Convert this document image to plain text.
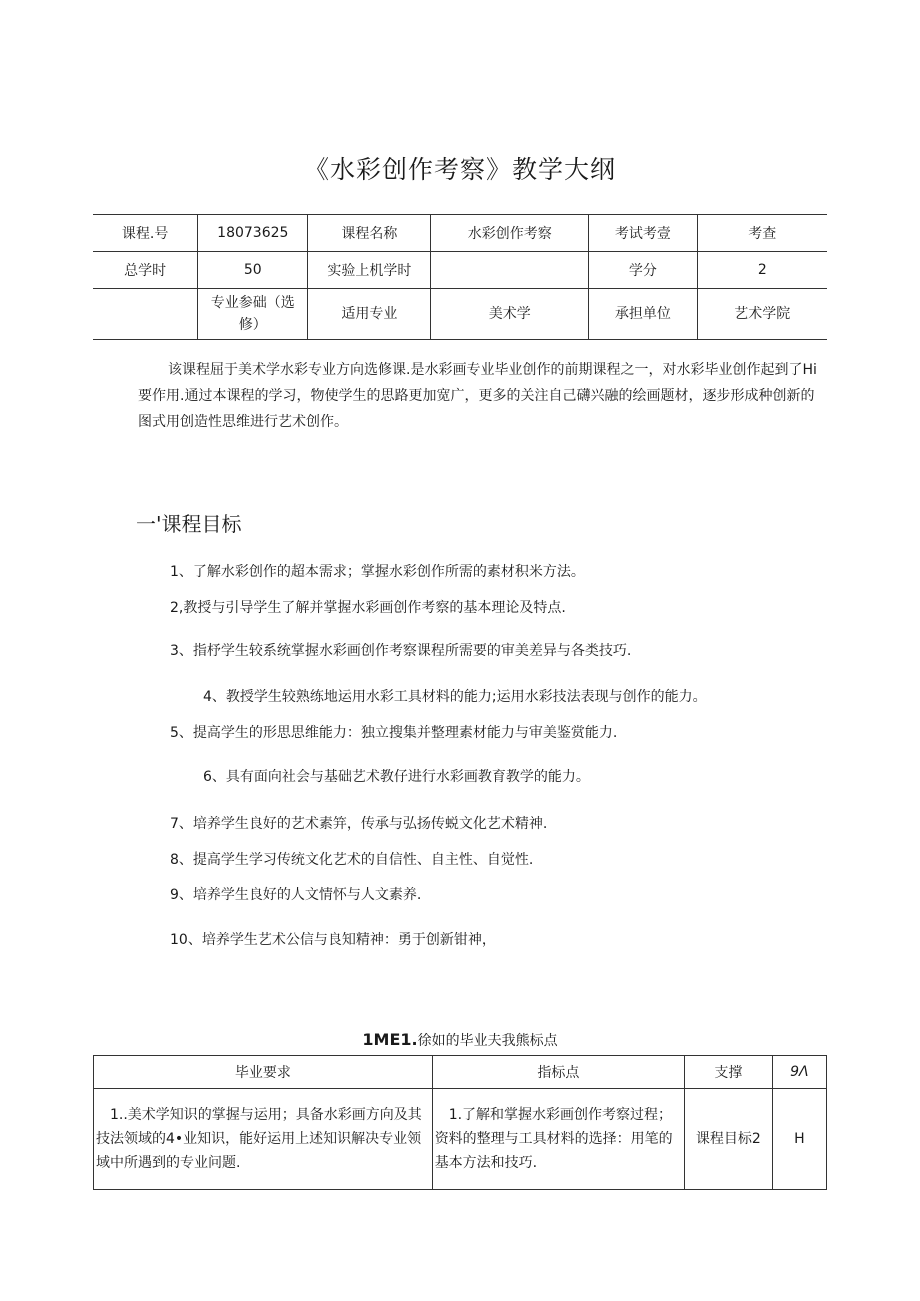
《水彩创作考察》教学大纲
课程.号	18073625	课程名称	水彩创作考察	考试考壹	考查
总学时	50	实验上机学时		学分	2
	专业参础（选修）	适用专业	美术学	承担单位	艺术学院
该课程屈于美术学水彩专业方向选修课.是水彩画专业毕业创作的前期课程之一，对水彩毕业创作起到了Hi要作用.通过本课程的学习，物使学生的思路更加宽广，更多的关注自己礴兴融的绘画题材，逐步形成种创新的图式用创造性思维进行艺术创作。
一'课程目标
1、了解水彩创作的超本需求；掌握水彩创作所需的素材积米方法。
2,教授与引导学生了解并掌握水彩画创作考察的基本理论及特点.
3、指杼学生较系统掌握水彩画创作考察课程所需要的审美差异与各类技巧.
4、教授学生较熟练地运用水彩工具材料的能力;运用水彩技法表现与创作的能力。
5、提高学生的形思思维能力：独立搜集并整理素材能力与审美鉴赏能力.
6、具有面向社会与基础艺术教仔进行水彩画教育教学的能力。
7、培养学生良好的艺术素笄，传承与弘扬传蜕文化艺术精神.
8、提高学生学习传统文化艺术的自信性、自主性、自觉性.
9、培养学生良好的人文情怀与人文素养.
10、培养学生艺术公信与良知精神：勇于创新钳神，
1ME1.徐如的毕业夫我熊标点
毕业要求	指标点	支撑	9Λ
1..美术学知识的掌握与运用；具备水彩画方向及其技法领域的4•业知识，能好运用上述知识解决专业领域中所遇到的专业问题.	1.了解和掌握水彩画创作考察过程；资料的整理与工具材料的选择：用笔的基本方法和技巧.	课程目标2	H
